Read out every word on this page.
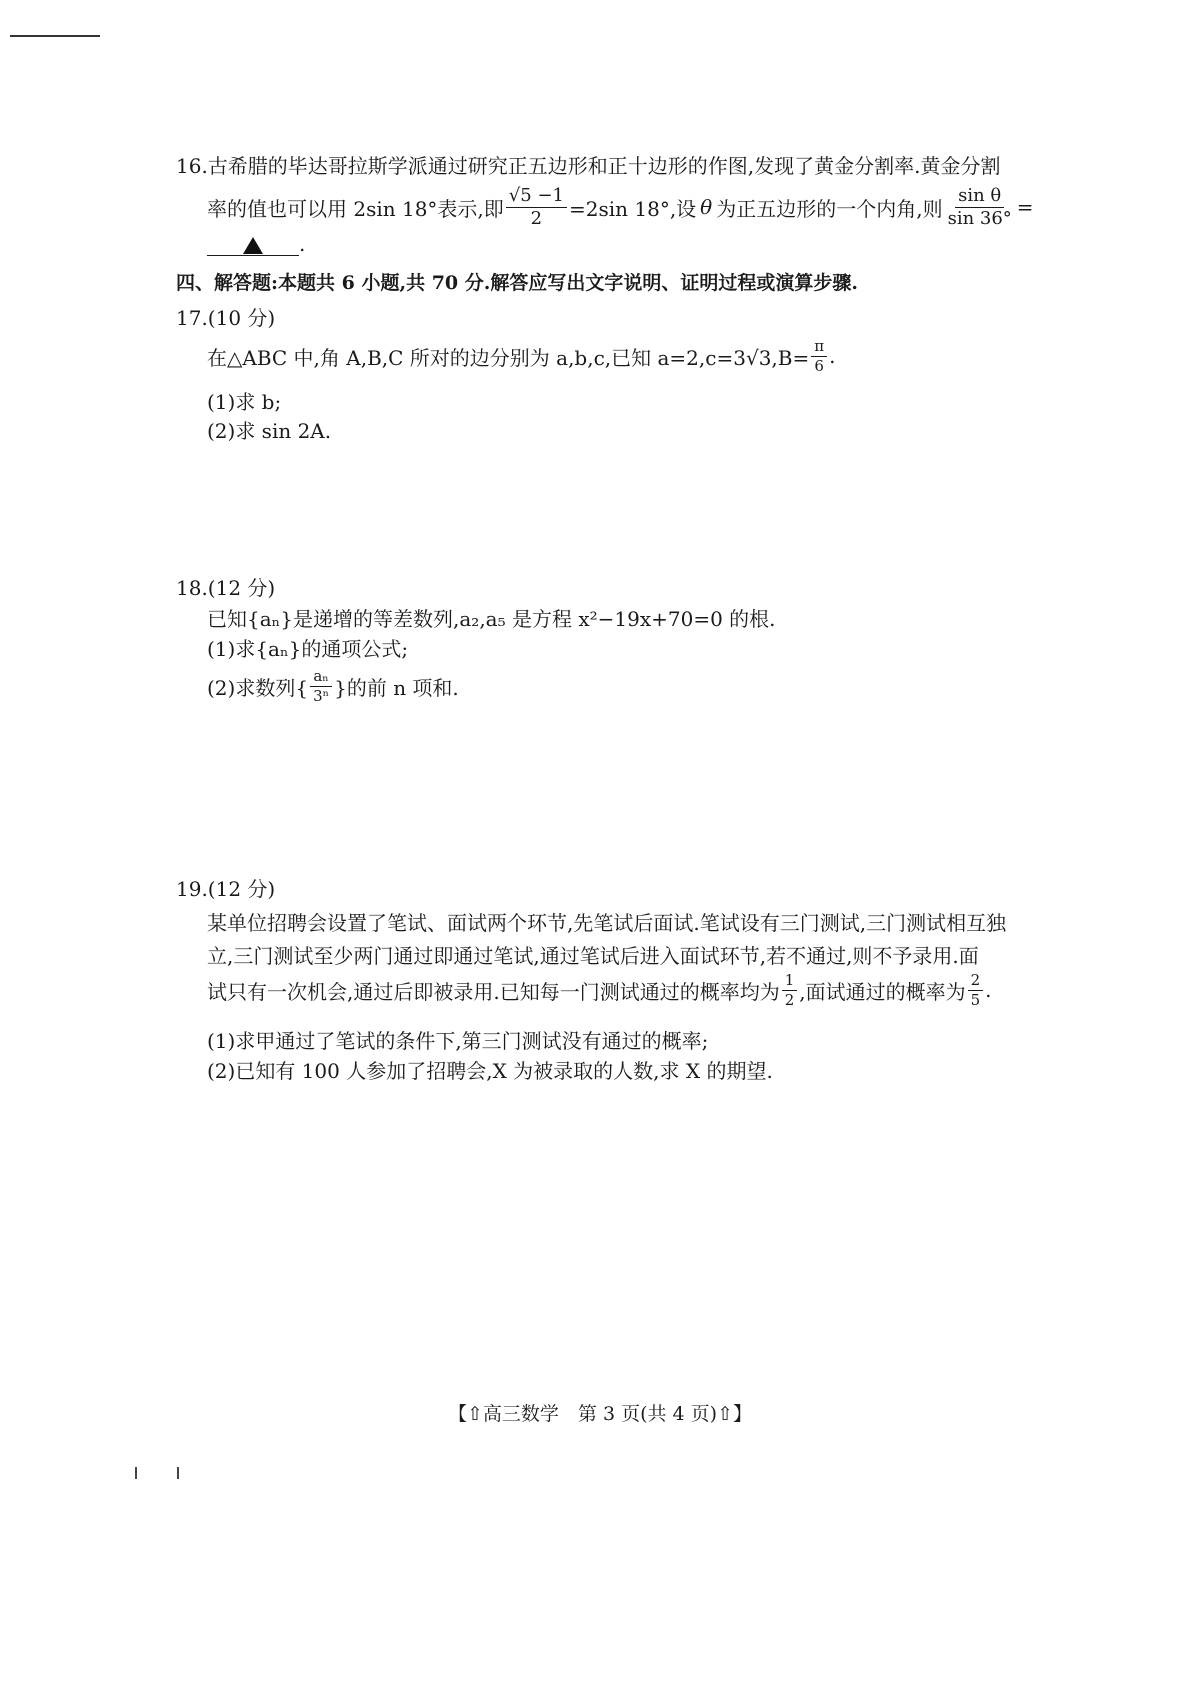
16.古希腊的毕达哥拉斯学派通过研究正五边形和正十边形的作图,发现了黄金分割率.黄金分割
率的值也可以用 2sin 18°表示,即 $\frac{√5 -1}{2} =2\sin$ 18°,设 θ 为正五边形的一个内角,则 $\frac{\text{sin θ}}{\sin 36^\circ}$ =
.
四、解答题:本题共 6 小题,共 70 分.解答应写出文字说明、证明过程或演算步骤.
17.(10 分)
在△ABC 中,角 A,B,C 所对的边分别为 a,b,c,已知 $a=2,c=3√3,B= \frac{\pi}{6}$ .
(1)求 b;
(2)求 sin 2A.
18.(12 分)
已知{aₙ}是递增的等差数列,a₂,a₅ 是方程 x²−19x+70=0 的根.
(1)求{aₙ}的通项公式;
(2)求数列{ $\frac{\text{aₙ}}{\text{3ⁿ}}$ }的前 n 项和.
19.(12 分)
某单位招聘会设置了笔试、面试两个环节,先笔试后面试.笔试设有三门测试,三门测试相互独
立,三门测试至少两门通过即通过笔试,通过笔试后进入面试环节,若不通过,则不予录用.面
试只有一次机会,通过后即被录用.已知每一门测试通过的概率均为 $\frac{1}{2}$ ,面试通过的概率为 $\frac{2}{5}$ .
(1)求甲通过了笔试的条件下,第三门测试没有通过的概率;
(2)已知有 100 人参加了招聘会,X 为被录取的人数,求 X 的期望.
【⇧高三数学　第 3 页(共 4 页)⇧】
